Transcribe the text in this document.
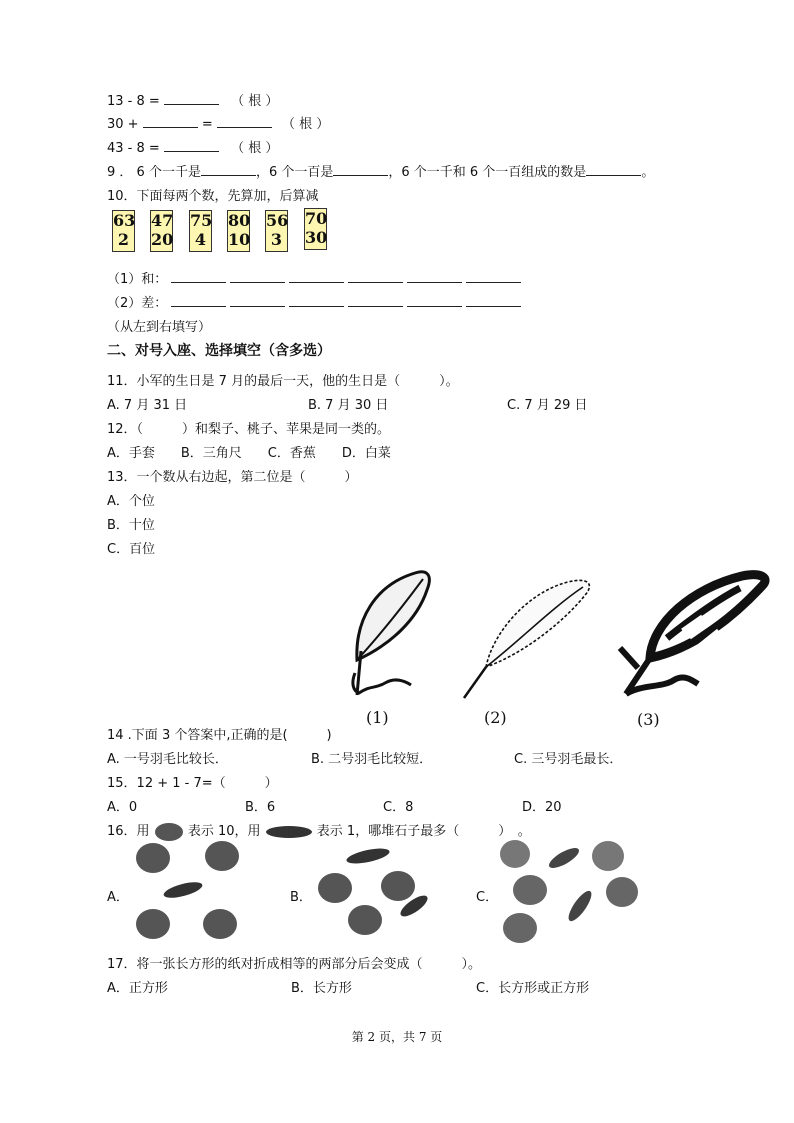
13 - 8 =	（ 根 ）
30 +	=	（ 根 ）
43 - 8 =	（ 根 ）
9 ． 6 个一千是	，6 个一百是	，6 个一千和 6 个一百组成的数是	。
10．下面每两个数，先算加，后算减
63
2
47
20
75
4
80
10
56
3
70
30
（1）和：
（2）差：
（从左到右填写）
二、对号入座、选择填空（含多选）
11．小军的生日是 7 月的最后一天，他的生日是（　　　）。
A. 7 月 31 日	B. 7 月 30 日	C. 7 月 29 日
12．（　　　）和梨子、桃子、苹果是同一类的。
A．手套　　B．三角尺　　C．香蕉　　D．白菜
13．一个数从右边起，第二位是（　　　）
A．个位
B．十位
C．百位
(1)	(2)	(3)
14 .下面 3 个答案中,正确的是(　　　)
A. 一号羽毛比较长．	B. 二号羽毛比较短．	C. 三号羽毛最长．
15．12 + 1 - 7=（　　　）
A．0	B．6	C．8	D．20
16．用	表示 10，用	表示 1，哪堆石子最多（　　　）　。
A．	B．	C．
17．将一张长方形的纸对折成相等的两部分后会变成（　　　）。
A．正方形	B．长方形	C．长方形或正方形
第 2 页，共 7 页
